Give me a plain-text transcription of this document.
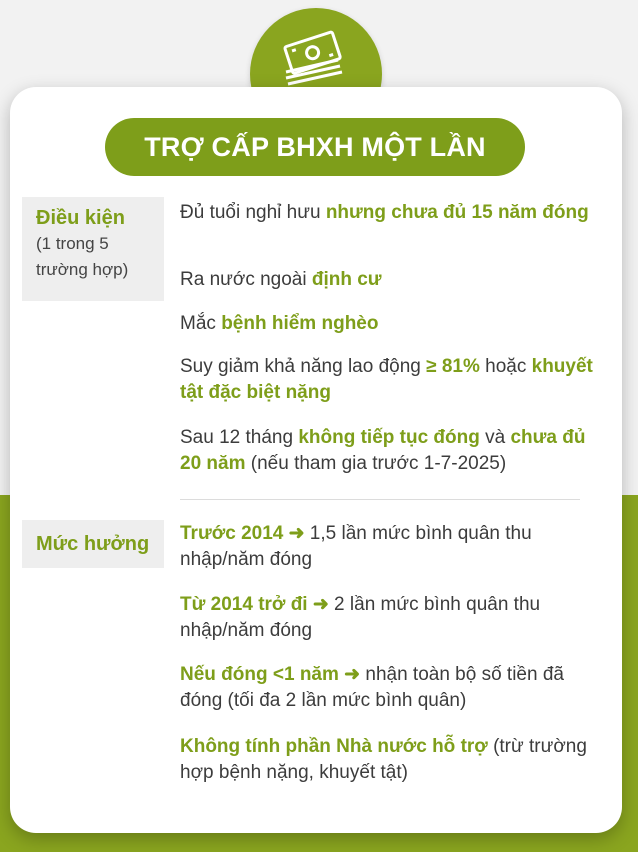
TRỢ CẤP BHXH MỘT LẦN
Điều kiện
(1 trong 5 trường hợp)
Đủ tuổi nghỉ hưu nhưng chưa đủ 15 năm đóng
Ra nước ngoài định cư
Mắc bệnh hiểm nghèo
Suy giảm khả năng lao động ≥ 81% hoặc khuyết tật đặc biệt nặng
Sau 12 tháng không tiếp tục đóng và chưa đủ 20 năm (nếu tham gia trước 1-7-2025)
Mức hưởng Trước 2014 ➜ 1,5 lần mức bình quân thu nhập/năm đóng
Từ 2014 trở đi ➜ 2 lần mức bình quân thu nhập/năm đóng
Nếu đóng <1 năm ➜ nhận toàn bộ số tiền đã đóng (tối đa 2 lần mức bình quân)
Không tính phần Nhà nước hỗ trợ (trừ trường hợp bệnh nặng, khuyết tật)
